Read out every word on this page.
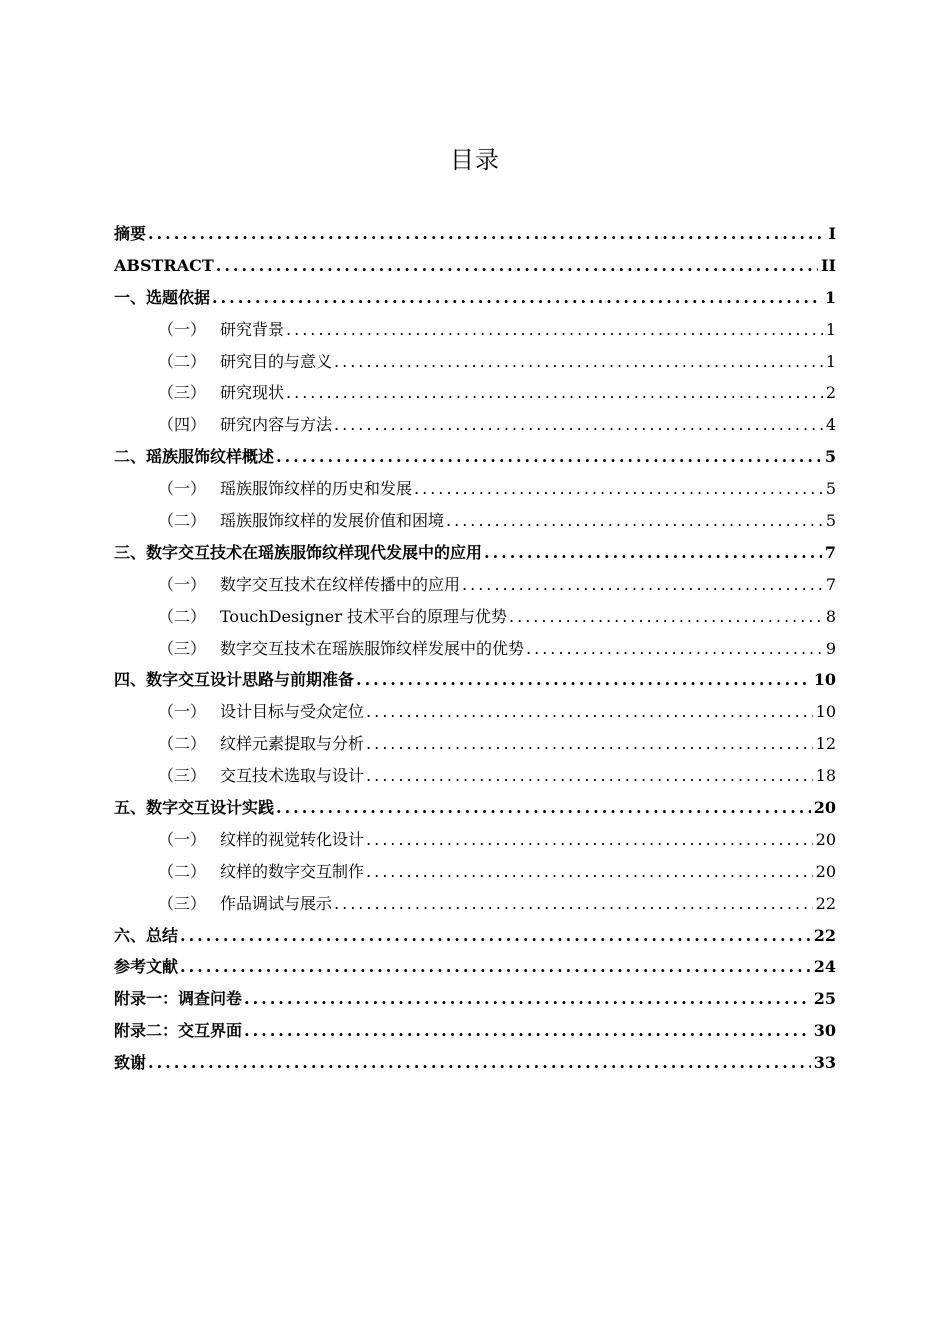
目录
摘要 .....	I
ABSTRACT .....	II
一、选题依据 .....	1
（一） 研究背景 .....	1
（二） 研究目的与意义 .....	1
（三） 研究现状 .....	2
（四） 研究内容与方法 .....	4
二、瑶族服饰纹样概述 .....	5
（一） 瑶族服饰纹样的历史和发展 .....	5
（二） 瑶族服饰纹样的发展价值和困境 .....	5
三、数字交互技术在瑶族服饰纹样现代发展中的应用 .....	7
（一） 数字交互技术在纹样传播中的应用 .....	7
（二） TouchDesigner 技术平台的原理与优势 .....	8
（三） 数字交互技术在瑶族服饰纹样发展中的优势 .....	9
四、数字交互设计思路与前期准备 .....	10
（一） 设计目标与受众定位 .....	10
（二） 纹样元素提取与分析 .....	12
（三） 交互技术选取与设计 .....	18
五、数字交互设计实践 .....	20
（一） 纹样的视觉转化设计 .....	20
（二） 纹样的数字交互制作 .....	20
（三） 作品调试与展示 .....	22
六、总结 .....	22
参考文献 .....	24
附录一：调查问卷 .....	25
附录二：交互界面 .....	30
致谢 .....	33
